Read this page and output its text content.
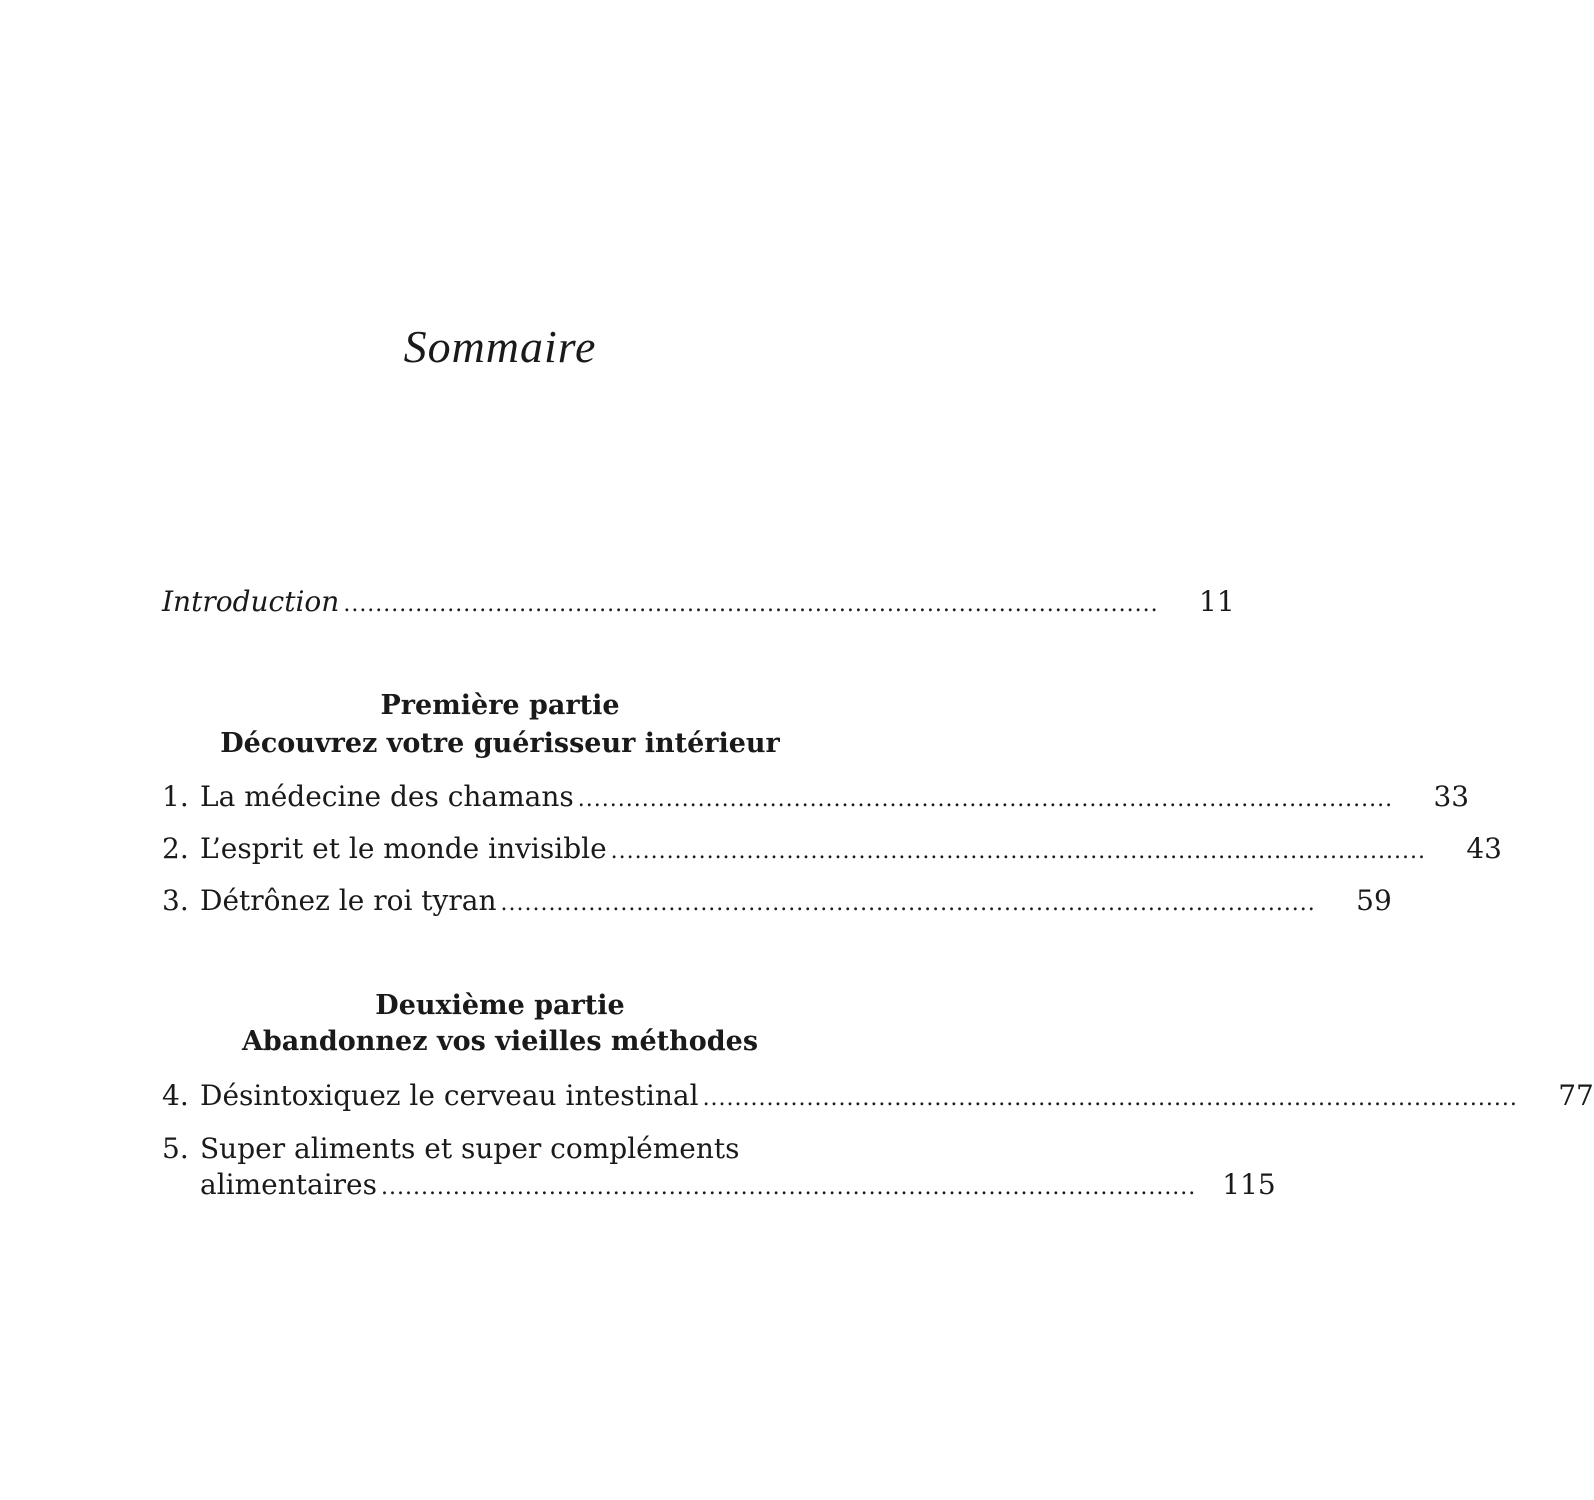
Sommaire
Introduction ......................................................................................................	11
Première partie
Découvrez votre guérisseur intérieur
1. La médecine des chamans ......................................................................................................	33
2. L’esprit et le monde invisible ......................................................................................................	43
3. Détrônez le roi tyran ......................................................................................................	59
Deuxième partie
Abandonnez vos vieilles méthodes
4. Désintoxiquez le cerveau intestinal ......................................................................................................	77
5. Super aliments et super compléments
alimentaires ...................................................................................................... 115
